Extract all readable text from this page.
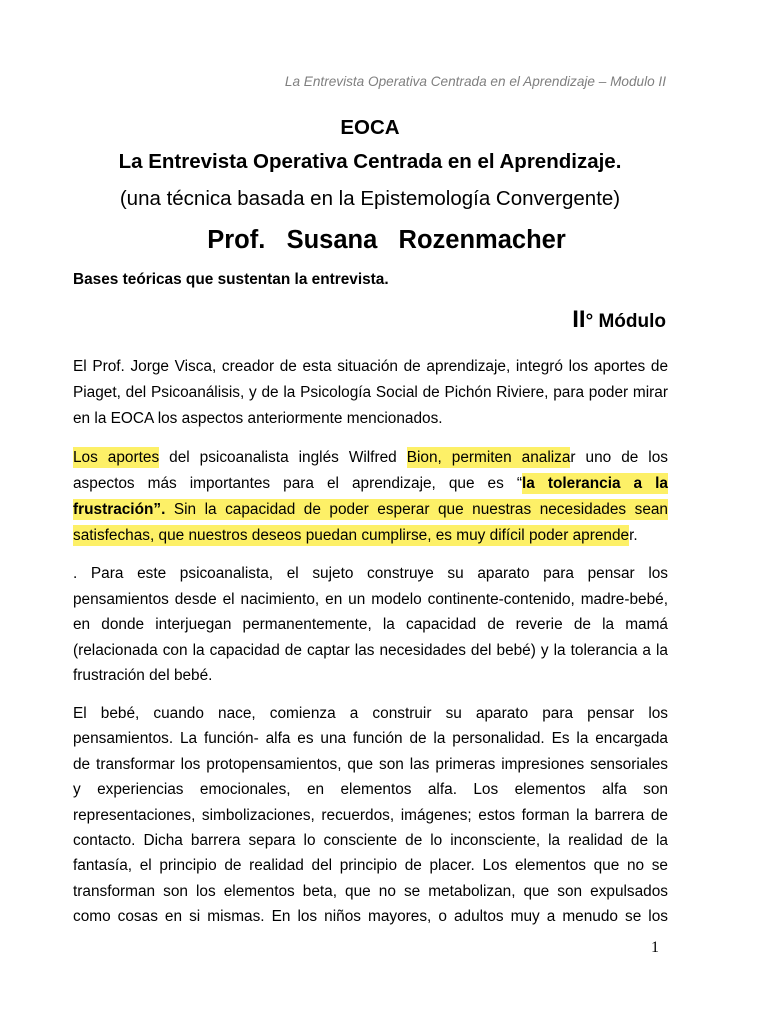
La Entrevista Operativa Centrada en el Aprendizaje – Modulo II
EOCA
La Entrevista Operativa Centrada en el Aprendizaje.
(una técnica basada en la Epistemología Convergente)
Prof.   Susana   Rozenmacher
Bases teóricas que sustentan la entrevista.
II° Módulo
El Prof. Jorge Visca, creador de esta situación de aprendizaje, integró los aportes de
Piaget, del Psicoanálisis, y de la Psicología Social de Pichón Riviere, para poder mirar
en la EOCA los aspectos anteriormente mencionados.
Los aportes del psicoanalista inglés Wilfred Bion, permiten analizar uno de los
aspectos más importantes para el aprendizaje, que es “la tolerancia a la
frustración”. Sin la capacidad de poder esperar que nuestras necesidades sean
satisfechas, que nuestros deseos puedan cumplirse, es muy difícil poder aprender.
. Para este psicoanalista, el sujeto construye su aparato para pensar los
pensamientos desde el nacimiento, en un modelo continente-contenido, madre-bebé,
en donde interjuegan permanentemente, la capacidad de reverie de la mamá
(relacionada con la capacidad de captar las necesidades del bebé) y la tolerancia a la
frustración del bebé.
El bebé, cuando nace, comienza a construir su aparato para pensar los
pensamientos. La función- alfa es una función de la personalidad. Es la encargada
de transformar los protopensamientos, que son las primeras impresiones sensoriales
y experiencias emocionales, en elementos alfa. Los elementos alfa son
representaciones, simbolizaciones, recuerdos, imágenes; estos forman la barrera de
contacto. Dicha barrera separa lo consciente de lo inconsciente, la realidad de la
fantasía, el principio de realidad del principio de placer. Los elementos que no se
transforman son los elementos beta, que no se metabolizan, que son expulsados
como cosas en si mismas. En los niños mayores, o adultos muy a menudo se los
1
